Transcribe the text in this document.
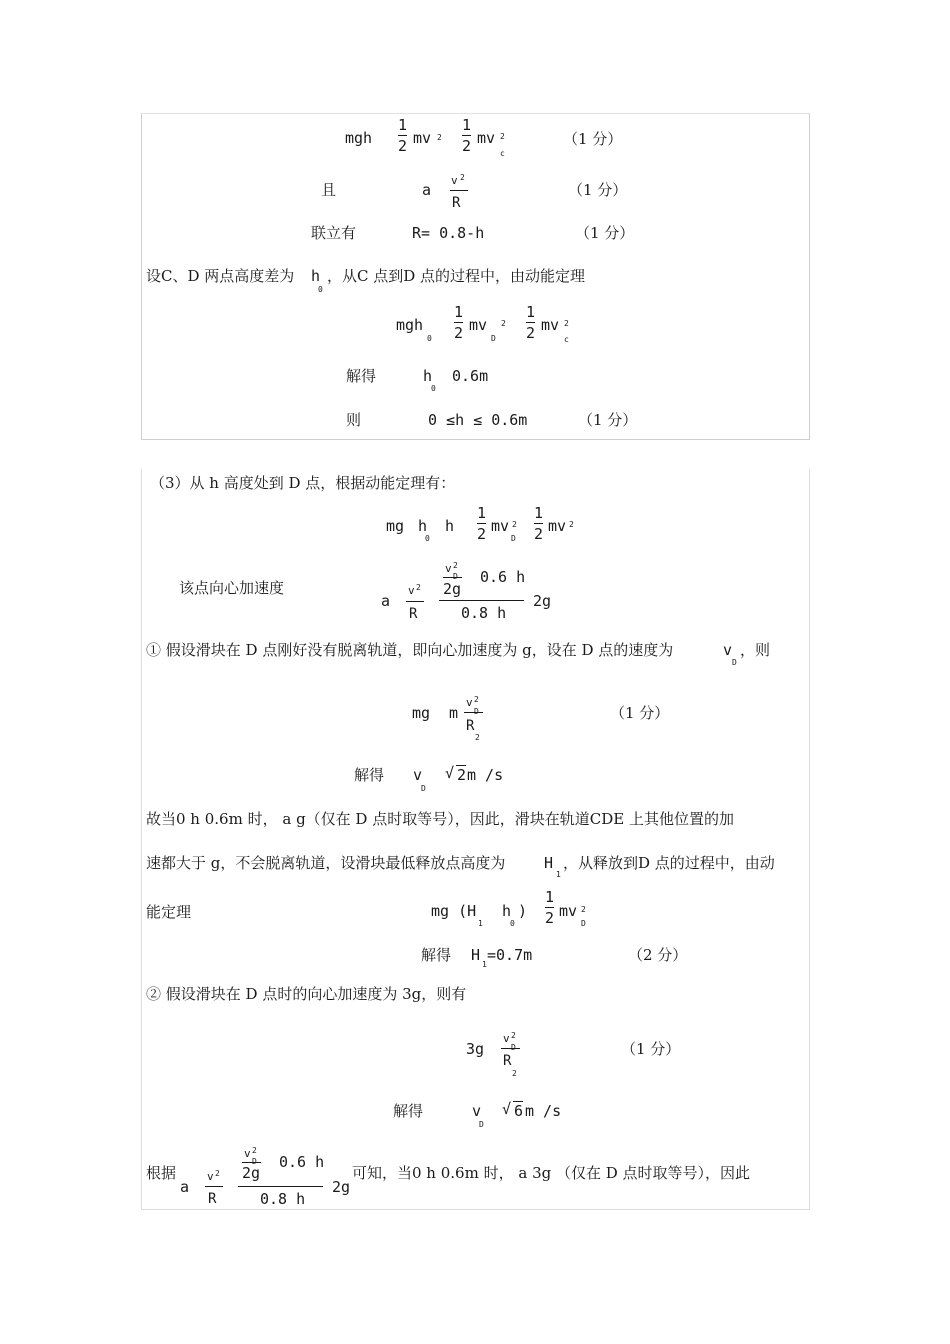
mgh
1
2 mv 2
1
2 mv 2
c
（1 分）
且	a
v 2
R
（1 分）
联立有	R= 0.8-h	（1 分）
设C、D 两点高度差为 h
0
，从C 点到D 点的过程中，由动能定理
mgh
0
1
2 mv 2
D
1
2 mv 2
c
解得	h
0
0.6m
则	0 ≤h ≤ 0.6m	（1 分）
（3）从 h 高度处到 D 点，根据动能定理有：
mg h
0
h
1
2 mv 2
D
1
2 mv 2
该点向心加速度
a
v 2
R
v 2
2g
0.6 h
0.8 h
2g
① 假设滑块在 D 点刚好没有脱离轨道，即向心加速度为 g，设在 D 点的速度为	v
D
，则
mg m
v 2
D
R
2
（1 分）
解得 v
D
√ 2 m /s
故当0 h 0.6m 时， a g（仅在 D 点时取等号），因此，滑块在轨道CDE 上其他位置的加
速都大于 g，不会脱离轨道，设滑块最低释放点高度为	H
1
，从释放到D 点的过程中，由动
能定理	mg (H
1
h
0
)
1
2 mv 2
D
解得 H
1
=0.7m	（2 分）
② 假设滑块在 D 点时的向心加速度为 3g，则有
3g
v 2
D
R
2
（1 分）
解得	v
D
√ 6 m /s
根据
a
v 2
R
v 2
2g
0.6 h
0.8 h
2g
可知，当0 h 0.6m 时， a 3g （仅在 D 点时取等号），因此
